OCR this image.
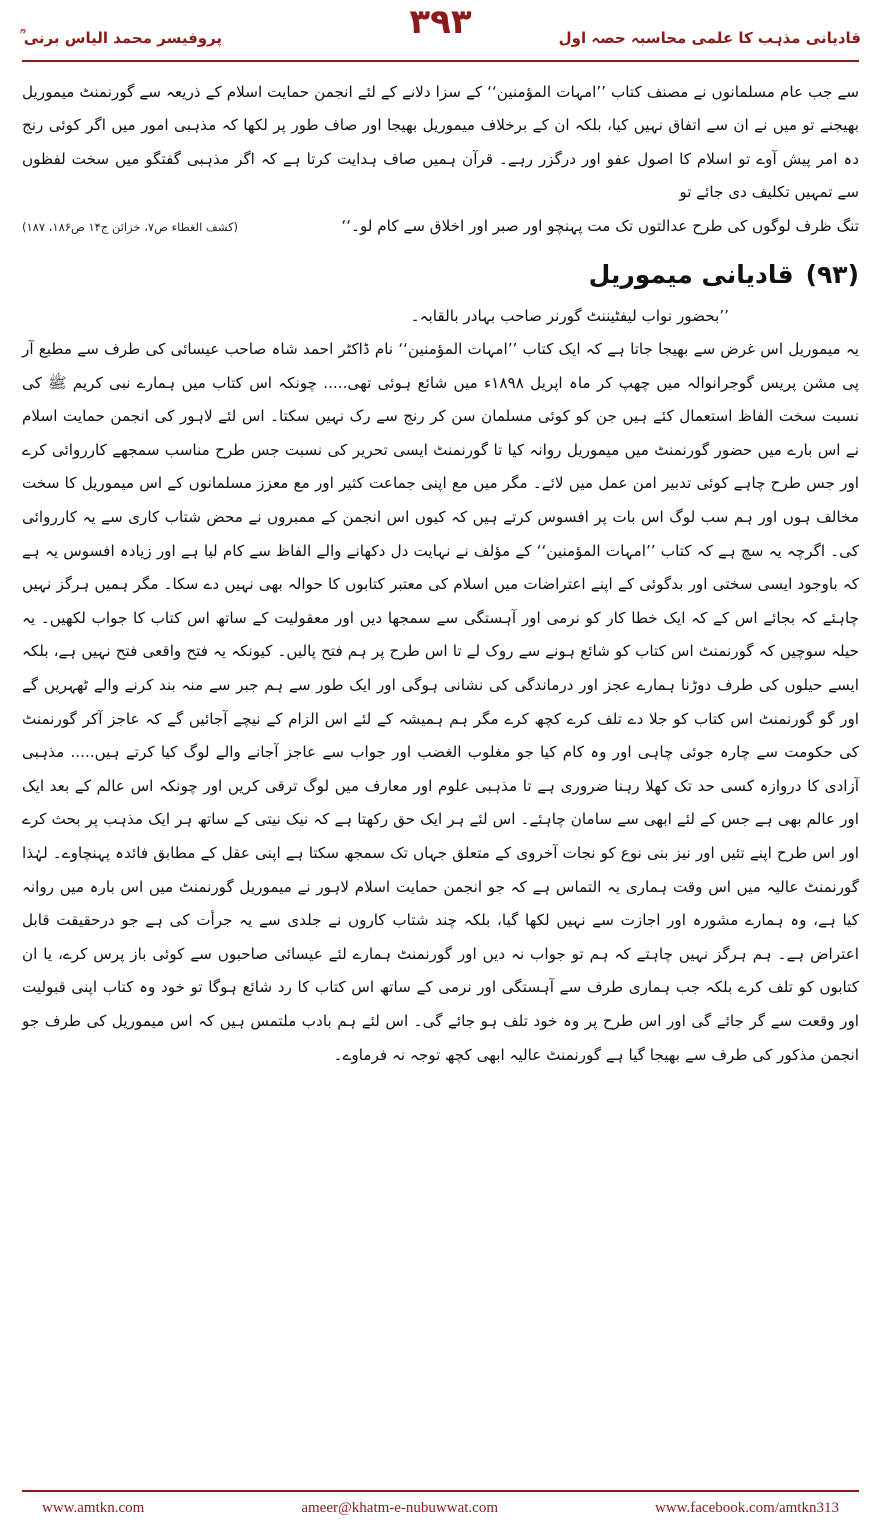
پروفیسر محمد الیاس برنی ؒ	قادیانی مذہب کا علمی محاسبہ حصہ اول
۳۹۳

سے جب عام مسلمانوں نے مصنف کتاب ’’امہات المؤمنین‘‘ کے سزا دلانے کے لئے انجمن حمایت اسلام کے ذریعہ سے گورنمنٹ میموریل بھیجنے تو میں نے ان سے اتفاق نہیں کیا، بلکہ ان کے برخلاف میموریل بھیجا اور صاف طور پر لکھا کہ مذہبی امور میں اگر کوئی رنج دہ امر پیش آوے تو اسلام کا اصول عفو اور درگزر رہے۔ قرآن ہمیں صاف ہدایت کرتا ہے کہ اگر مذہبی گفتگو میں سخت لفظوں سے تمہیں تکلیف دی جائے تو

تنگ ظرف لوگوں کی طرح عدالتوں تک مت پہنچو اور صبر اور اخلاق سے کام لو۔‘‘
(کشف الغطاء ص۷، خزائن ج۱۴ ص۱۸۶، ۱۸۷)
(۹۳)
قادیانی میموریل

’’بحضور نواب لیفٹیننٹ گورنر صاحب بہادر بالقابہ۔

یہ میموریل اس غرض سے بھیجا جاتا ہے کہ ایک کتاب ’’امہات المؤمنین‘‘ نام ڈاکٹر احمد شاہ صاحب عیسائی کی طرف سے مطبع آر پی مشن پریس گوجرانوالہ میں چھپ کر ماہ اپریل ۱۸۹۸ء میں شائع ہوئی تھی..... چونکہ اس کتاب میں ہمارے نبی کریم ﷺ کی نسبت سخت الفاظ استعمال کئے ہیں جن کو کوئی مسلمان سن کر رنج سے رک نہیں سکتا۔ اس لئے لاہور کی انجمن حمایت اسلام نے اس بارے میں حضور گورنمنٹ میں میموریل روانہ کیا تا گورنمنٹ ایسی تحریر کی نسبت جس طرح مناسب سمجھے کارروائی کرے اور جس طرح چاہے کوئی تدبیر امن عمل میں لائے۔ مگر میں مع اپنی جماعت کثیر اور مع معزز مسلمانوں کے اس میموریل کا سخت مخالف ہوں اور ہم سب لوگ اس بات پر افسوس کرتے ہیں کہ کیوں اس انجمن کے ممبروں نے محض شتاب کاری سے یہ کارروائی کی۔ اگرچہ یہ سچ ہے کہ کتاب ’’امہات المؤمنین‘‘ کے مؤلف نے نہایت دل دکھانے والے الفاظ سے کام لیا ہے اور زیادہ افسوس یہ ہے کہ باوجود ایسی سختی اور بدگوئی کے اپنے اعتراضات میں اسلام کی معتبر کتابوں کا حوالہ بھی نہیں دے سکا۔ مگر ہمیں ہرگز نہیں چاہئے کہ بجائے اس کے کہ ایک خطا کار کو نرمی اور آہستگی سے سمجھا دیں اور معقولیت کے ساتھ اس کتاب کا جواب لکھیں۔ یہ حیلہ سوچیں کہ گورنمنٹ اس کتاب کو شائع ہونے سے روک لے تا اس طرح پر ہم فتح پالیں۔ کیونکہ یہ فتح واقعی فتح نہیں ہے، بلکہ ایسے حیلوں کی طرف دوڑنا ہمارے عجز اور درماندگی کی نشانی ہوگی اور ایک طور سے ہم جبر سے منہ بند کرنے والے ٹھہریں گے اور گو گورنمنٹ اس کتاب کو جلا دے تلف کرے کچھ کرے مگر ہم ہمیشہ کے لئے اس الزام کے نیچے آجائیں گے کہ عاجز آکر گورنمنٹ کی حکومت سے چارہ جوئی چاہی اور وہ کام کیا جو مغلوب الغضب اور جواب سے عاجز آجانے والے لوگ کیا کرتے ہیں..... مذہبی آزادی کا دروازہ کسی حد تک کھلا رہنا ضروری ہے تا مذہبی علوم اور معارف میں لوگ ترقی کریں اور چونکہ اس عالم کے بعد ایک اور عالم بھی ہے جس کے لئے ابھی سے سامان چاہئے۔ اس لئے ہر ایک حق رکھتا ہے کہ نیک نیتی کے ساتھ ہر ایک مذہب پر بحث کرے اور اس طرح اپنے تئیں اور نیز بنی نوع کو نجات آخروی کے متعلق جہاں تک سمجھ سکتا ہے اپنی عقل کے مطابق فائدہ پہنچاوے۔ لہٰذا گورنمنٹ عالیہ میں اس وقت ہماری یہ التماس ہے کہ جو انجمن حمایت اسلام لاہور نے میموریل گورنمنٹ میں اس بارہ میں روانہ کیا ہے، وہ ہمارے مشورہ اور اجازت سے نہیں لکھا گیا، بلکہ چند شتاب کاروں نے جلدی سے یہ جرأت کی ہے جو درحقیقت قابل اعتراض ہے۔ ہم ہرگز نہیں چاہتے کہ ہم تو جواب نہ دیں اور گورنمنٹ ہمارے لئے عیسائی صاحبوں سے کوئی باز پرس کرے، یا ان کتابوں کو تلف کرے بلکہ جب ہماری طرف سے آہستگی اور نرمی کے ساتھ اس کتاب کا رد شائع ہوگا تو خود وہ کتاب اپنی قبولیت اور وقعت سے گر جائے گی اور اس طرح پر وہ خود تلف ہو جائے گی۔ اس لئے ہم بادب ملتمس ہیں کہ اس میموریل کی طرف جو انجمن مذکور کی طرف سے بھیجا گیا ہے گورنمنٹ عالیہ ابھی کچھ توجہ نہ فرماوے۔

www.amtkn.com	ameer@khatm-e-nubuwwat.com	www.facebook.com/amtkn313
